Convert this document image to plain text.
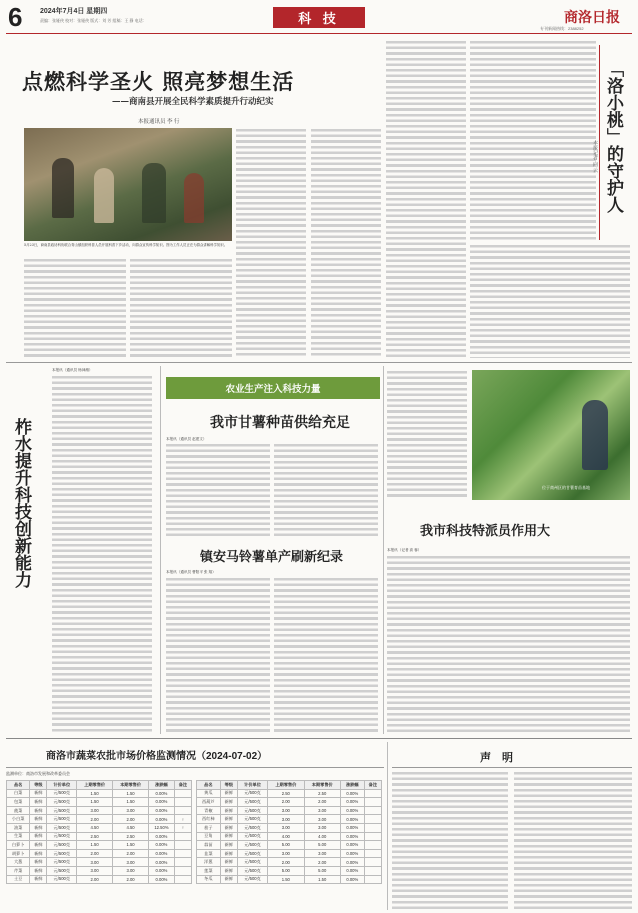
6	2024年7月4日 星期四
责编：张娅侠 校对：张娅侠 版式：刘 芳 组稿：王 静 电话：	科 技	商洛日报
专刊新闻热线：2388252
点燃科学圣火 照亮梦想生活
——商南县开展全民科学素质提升行动纪实
本报通讯员 李 行
5月23日，商南县政协科协联合青山镇组织科普人员开展科普下乡活动，向群众宣传科学知识。图为工作人员正在为群众讲解科学知识。
「洛小桃」的守护人
本报记者 向 云
柞水提升科技创新能力
本报讯（通讯员 杨神湘）
农业生产注入科技力量
我市甘薯种苗供给充足
本报讯（通讯员 赵建文）
镇安马铃薯单产刷新纪录
本报讯（通讯员 曹阳平 张 翔）
位于商州区的甘薯育苗基地
我市科技特派员作用大
本报讯（记者 高 蓉）
商洛市蔬菜农批市场价格监测情况（2024-07-02）
监测单位：商洛市发展和改革委员会
品名	等级	计价单位	上期零售价	本期零售价	涨跌幅	备注
白菜	新鲜	元/500克	1.50	1.50	0.00%	
包菜	新鲜	元/500克	1.50	1.50	0.00%	
菠菜	新鲜	元/500克	3.00	3.00	0.00%	
小白菜	新鲜	元/500克	2.00	2.00	0.00%	↑
油菜	新鲜	元/500克	4.50	4.50	12.50%	↑
生菜	新鲜	元/500克	2.50	2.50	0.00%	
白萝卜	新鲜	元/500克	1.50	1.50	0.00%	
胡萝卜	新鲜	元/500克	2.00	2.00	0.00%	
大葱	新鲜	元/500克	3.00	3.00	0.00%	
芹菜	新鲜	元/500克	3.00	3.00	0.00%	
土豆	新鲜	元/500克	2.00	2.00	0.00%	
品名	等级	计价单位	上期零售价	本期零售价	涨跌幅	备注
黄瓜	新鲜	元/500克	2.50	2.50	0.00%	
西葫芦	新鲜	元/500克	2.00	2.00	0.00%	
青椒	新鲜	元/500克	3.00	3.00	0.00%	
西红柿	新鲜	元/500克	3.00	3.00	0.00%	
茄子	新鲜	元/500克	3.00	3.00	0.00%	
豆角	新鲜	元/500克	4.00	4.00	0.00%	
蒜苗	新鲜	元/500克	5.00	5.00	0.00%	
韭菜	新鲜	元/500克	3.00	3.00	0.00%	
洋葱	新鲜	元/500克	2.00	2.00	0.00%	
莲菜	新鲜	元/500克	5.00	5.00	0.00%	
冬瓜	新鲜	元/500克	1.50	1.50	0.00%	
声 明
